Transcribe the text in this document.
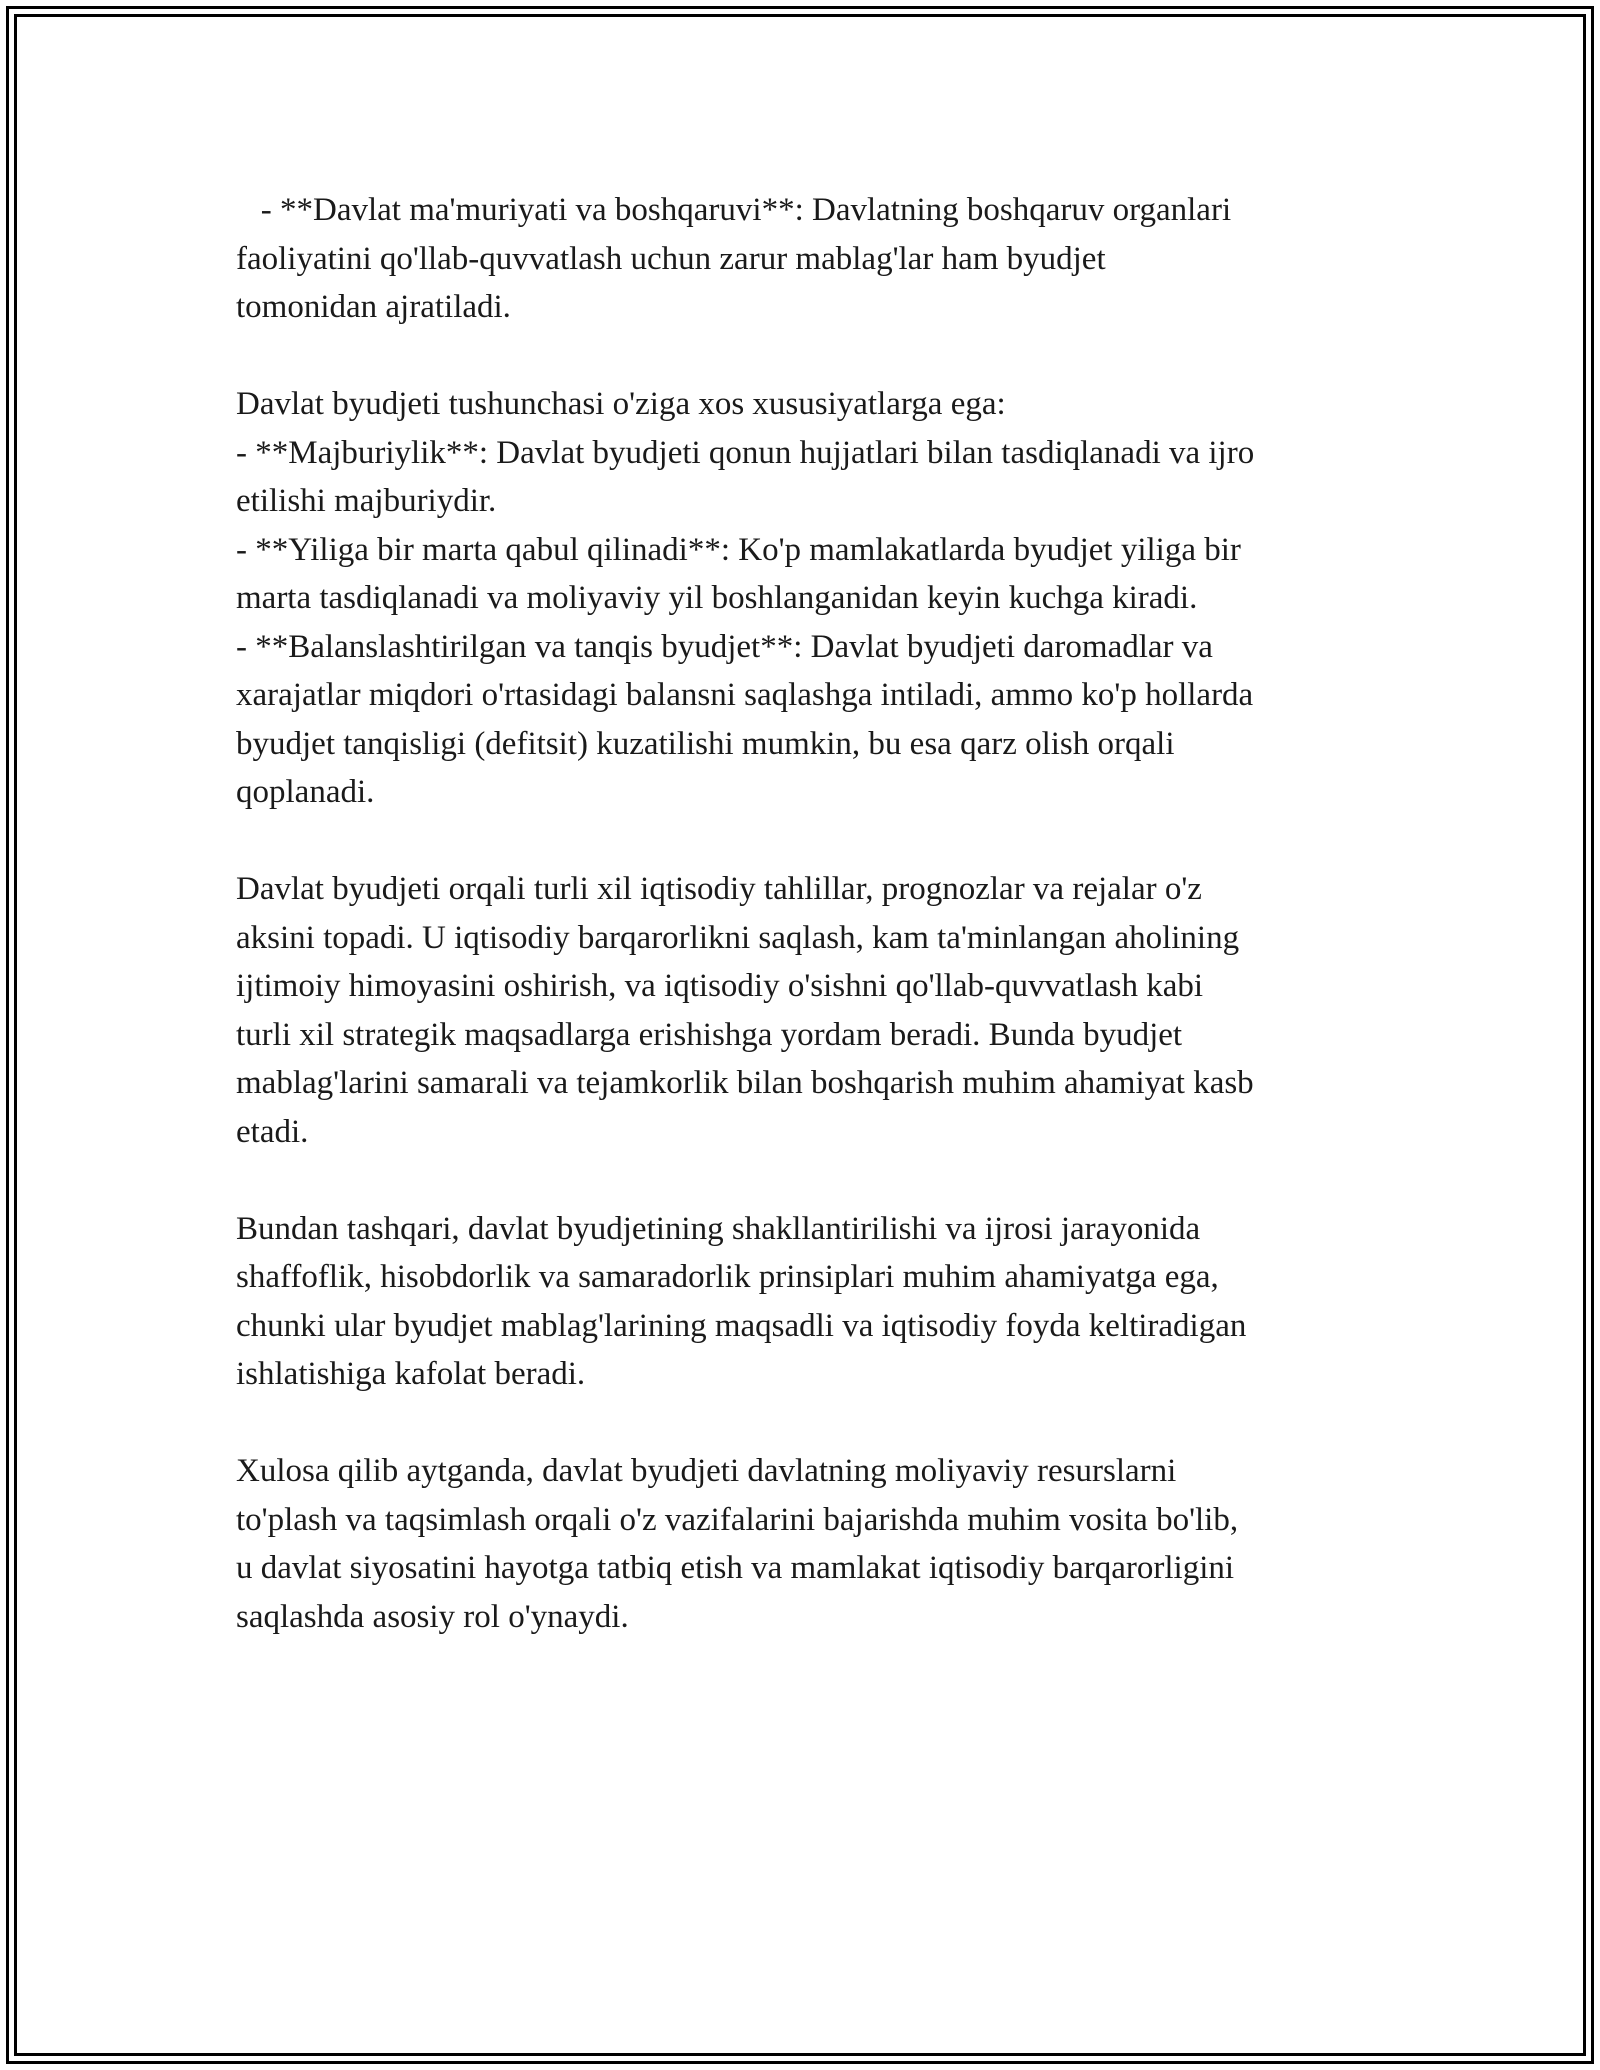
- **Davlat ma'muriyati va boshqaruvi**: Davlatning boshqaruv organlari
faoliyatini qo'llab-quvvatlash uchun zarur mablag'lar ham byudjet
tomonidan ajratiladi.

Davlat byudjeti tushunchasi o'ziga xos xususiyatlarga ega:
- **Majburiylik**: Davlat byudjeti qonun hujjatlari bilan tasdiqlanadi va ijro
etilishi majburiydir.
- **Yiliga bir marta qabul qilinadi**: Ko'p mamlakatlarda byudjet yiliga bir
marta tasdiqlanadi va moliyaviy yil boshlanganidan keyin kuchga kiradi.
- **Balanslashtirilgan va tanqis byudjet**: Davlat byudjeti daromadlar va
xarajatlar miqdori o'rtasidagi balansni saqlashga intiladi, ammo ko'p hollarda
byudjet tanqisligi (defitsit) kuzatilishi mumkin, bu esa qarz olish orqali
qoplanadi.

Davlat byudjeti orqali turli xil iqtisodiy tahlillar, prognozlar va rejalar o'z
aksini topadi. U iqtisodiy barqarorlikni saqlash, kam ta'minlangan aholining
ijtimoiy himoyasini oshirish, va iqtisodiy o'sishni qo'llab-quvvatlash kabi
turli xil strategik maqsadlarga erishishga yordam beradi. Bunda byudjet
mablag'larini samarali va tejamkorlik bilan boshqarish muhim ahamiyat kasb
etadi.

Bundan tashqari, davlat byudjetining shakllantirilishi va ijrosi jarayonida
shaffoflik, hisobdorlik va samaradorlik prinsiplari muhim ahamiyatga ega,
chunki ular byudjet mablag'larining maqsadli va iqtisodiy foyda keltiradigan
ishlatishiga kafolat beradi.

Xulosa qilib aytganda, davlat byudjeti davlatning moliyaviy resurslarni
to'plash va taqsimlash orqali o'z vazifalarini bajarishda muhim vosita bo'lib,
u davlat siyosatini hayotga tatbiq etish va mamlakat iqtisodiy barqarorligini
saqlashda asosiy rol o'ynaydi.
